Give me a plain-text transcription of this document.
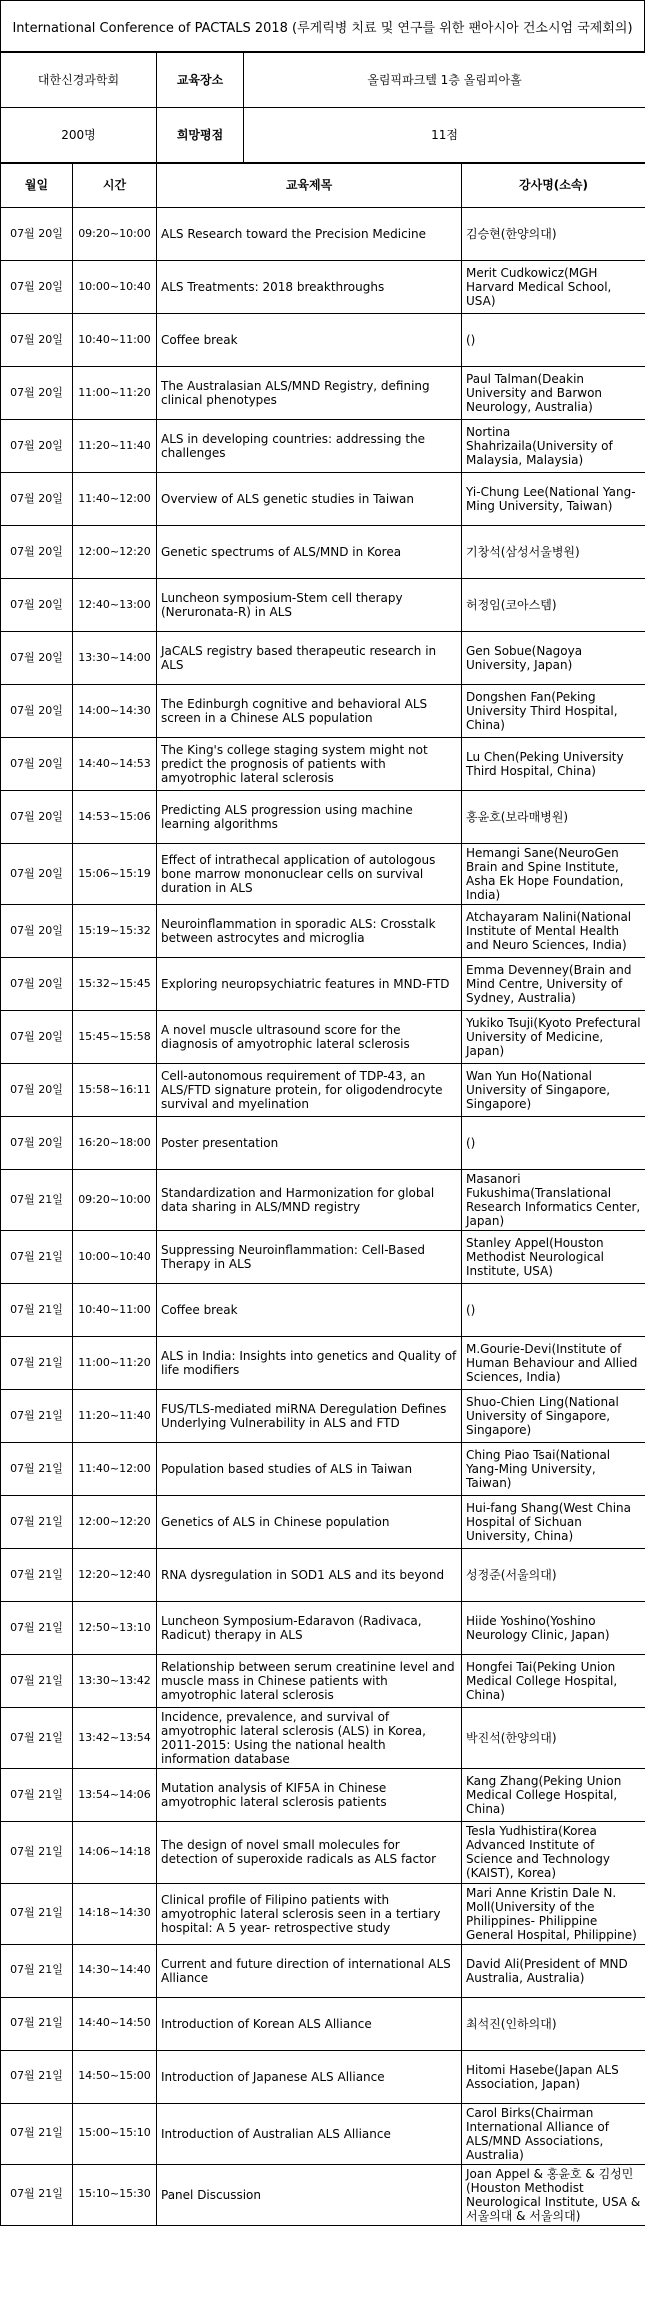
International Conference of PACTALS 2018 (루게릭병 치료 및 연구를 위한 팬아시아 건소시엄 국제회의)
대한신경과학회	교육장소	올림픽파크텔 1층 올림피아홀
200명	희망평점	11점
월일	시간	교육제목	강사명(소속)
07월 20일	09:20~10:00	ALS Research toward the Precision Medicine	김승현(한양의대)
07월 20일	10:00~10:40	ALS Treatments: 2018 breakthroughs	Merit Cudkowicz(MGH Harvard Medical School, USA)
07월 20일	10:40~11:00	Coffee break	()
07월 20일	11:00~11:20	The Australasian ALS/MND Registry, defining clinical phenotypes	Paul Talman(Deakin University and Barwon Neurology, Australia)
07월 20일	11:20~11:40	ALS in developing countries: addressing the challenges	Nortina Shahrizaila(University of Malaysia, Malaysia)
07월 20일	11:40~12:00	Overview of ALS genetic studies in Taiwan	Yi-Chung Lee(National Yang-Ming University, Taiwan)
07월 20일	12:00~12:20	Genetic spectrums of ALS/MND in Korea	기창석(삼성서울병원)
07월 20일	12:40~13:00	Luncheon symposium-Stem cell therapy (Neruronata-R) in ALS	허정임(코아스템)
07월 20일	13:30~14:00	JaCALS registry based therapeutic research in ALS	Gen Sobue(Nagoya University, Japan)
07월 20일	14:00~14:30	The Edinburgh cognitive and behavioral ALS screen in a Chinese ALS population	Dongshen Fan(Peking University Third Hospital, China)
07월 20일	14:40~14:53	The King's college staging system might not predict the prognosis of patients with amyotrophic lateral sclerosis	Lu Chen(Peking University Third Hospital, China)
07월 20일	14:53~15:06	Predicting ALS progression using machine learning algorithms	홍윤호(보라매병원)
07월 20일	15:06~15:19	Effect of intrathecal application of autologous bone marrow mononuclear cells on survival duration in ALS	Hemangi Sane(NeuroGen Brain and Spine Institute, Asha Ek Hope Foundation, India)
07월 20일	15:19~15:32	Neuroinflammation in sporadic ALS: Crosstalk between astrocytes and microglia	Atchayaram Nalini(National Institute of Mental Health and Neuro Sciences, India)
07월 20일	15:32~15:45	Exploring neuropsychiatric features in MND-FTD	Emma Devenney(Brain and Mind Centre, University of Sydney, Australia)
07월 20일	15:45~15:58	A novel muscle ultrasound score for the diagnosis of amyotrophic lateral sclerosis	Yukiko Tsuji(Kyoto Prefectural University of Medicine, Japan)
07월 20일	15:58~16:11	Cell-autonomous requirement of TDP-43, an ALS/FTD signature protein, for oligodendrocyte survival and myelination	Wan Yun Ho(National University of Singapore, Singapore)
07월 20일	16:20~18:00	Poster presentation	()
07월 21일	09:20~10:00	Standardization and Harmonization for global data sharing in ALS/MND registry	Masanori Fukushima(Translational Research Informatics Center, Japan)
07월 21일	10:00~10:40	Suppressing Neuroinflammation: Cell-Based Therapy in ALS	Stanley Appel(Houston Methodist Neurological Institute, USA)
07월 21일	10:40~11:00	Coffee break	()
07월 21일	11:00~11:20	ALS in India: Insights into genetics and Quality of life modifiers	M.Gourie-Devi(Institute of Human Behaviour and Allied Sciences, India)
07월 21일	11:20~11:40	FUS/TLS-mediated miRNA Deregulation Defines Underlying Vulnerability in ALS and FTD	Shuo-Chien Ling(National University of Singapore, Singapore)
07월 21일	11:40~12:00	Population based studies of ALS in Taiwan	Ching Piao Tsai(National Yang-Ming University, Taiwan)
07월 21일	12:00~12:20	Genetics of ALS in Chinese population	Hui-fang Shang(West China Hospital of Sichuan University, China)
07월 21일	12:20~12:40	RNA dysregulation in SOD1 ALS and its beyond	성정준(서울의대)
07월 21일	12:50~13:10	Luncheon Symposium-Edaravon (Radivaca, Radicut) therapy in ALS	Hiide Yoshino(Yoshino Neurology Clinic, Japan)
07월 21일	13:30~13:42	Relationship between serum creatinine level and muscle mass in Chinese patients with amyotrophic lateral sclerosis	Hongfei Tai(Peking Union Medical College Hospital, China)
07월 21일	13:42~13:54	Incidence, prevalence, and survival of amyotrophic lateral sclerosis (ALS) in Korea, 2011-2015: Using the national health information database	박진석(한양의대)
07월 21일	13:54~14:06	Mutation analysis of KIF5A in Chinese amyotrophic lateral sclerosis patients	Kang Zhang(Peking Union Medical College Hospital, China)
07월 21일	14:06~14:18	The design of novel small molecules for detection of superoxide radicals as ALS factor	Tesla Yudhistira(Korea Advanced Institute of Science and Technology (KAIST), Korea)
07월 21일	14:18~14:30	Clinical profile of Filipino patients with amyotrophic lateral sclerosis seen in a tertiary hospital: A 5 year- retrospective study	Mari Anne Kristin Dale N. Moll(University of the Philippines- Philippine General Hospital, Philippine)
07월 21일	14:30~14:40	Current and future direction of international ALS Alliance	David Ali(President of MND Australia, Australia)
07월 21일	14:40~14:50	Introduction of Korean ALS Alliance	최석진(인하의대)
07월 21일	14:50~15:00	Introduction of Japanese ALS Alliance	Hitomi Hasebe(Japan ALS Association, Japan)
07월 21일	15:00~15:10	Introduction of Australian ALS Alliance	Carol Birks(Chairman International Alliance of ALS/MND Associations, Australia)
07월 21일	15:10~15:30	Panel Discussion	Joan Appel & 홍윤호 & 김성민(Houston Methodist Neurological Institute, USA & 서울의대 & 서울의대)
